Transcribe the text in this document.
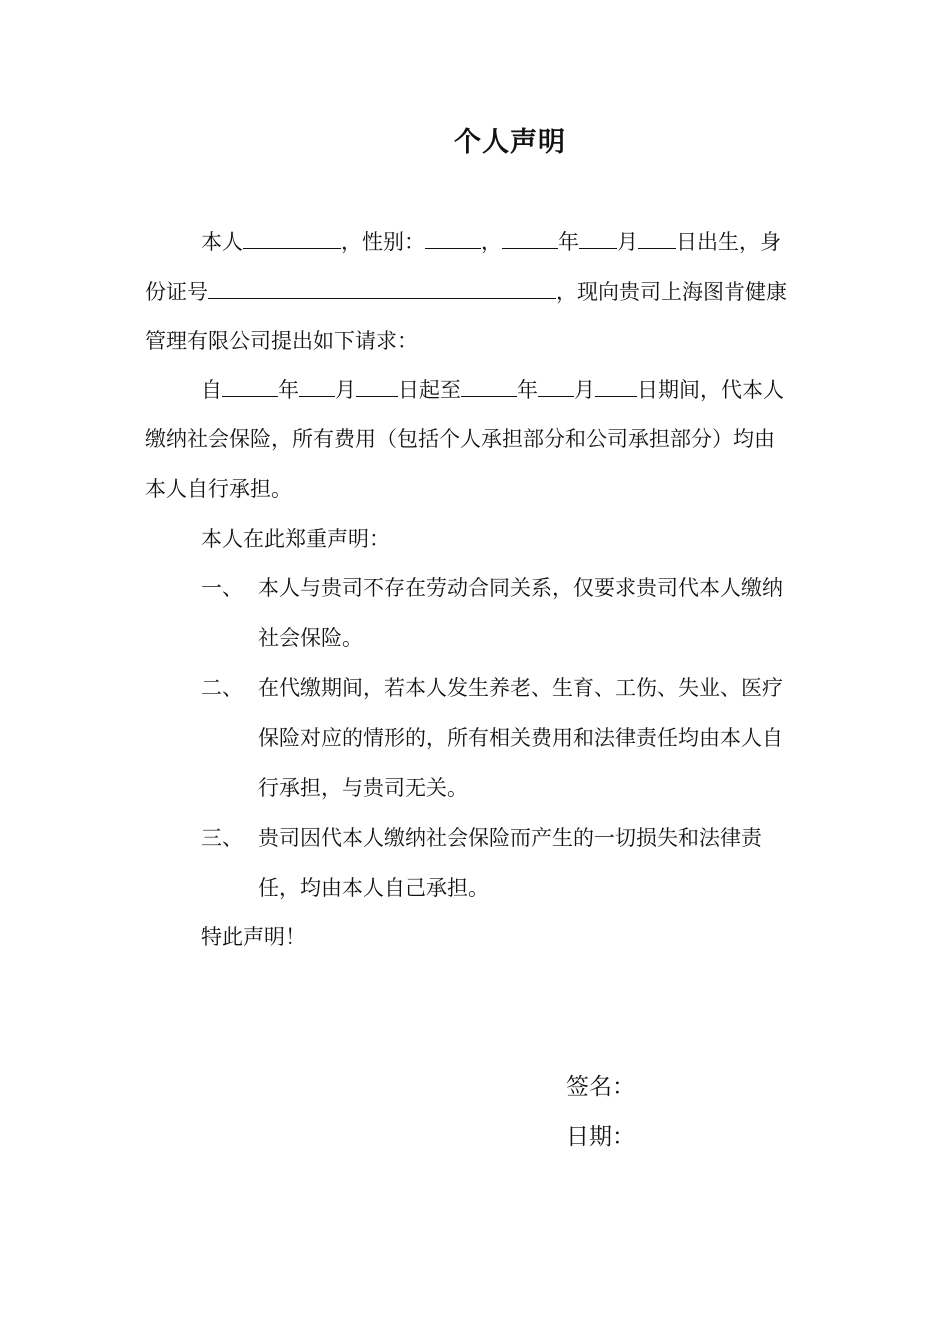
个人声明
本人	，性别：	，	年 月 日出生，身
份证号	，现向贵司上海图肯健康
管理有限公司提出如下请求：
自	年 月 日起至	年 月 日期间，代本人
缴纳社会保险，所有费用（包括个人承担部分和公司承担部分）均由
本人自行承担。
本人在此郑重声明：
一、 本人与贵司不存在劳动合同关系，仅要求贵司代本人缴纳
社会保险。
二、 在代缴期间，若本人发生养老、生育、工伤、失业、医疗
保险对应的情形的，所有相关费用和法律责任均由本人自
行承担，与贵司无关。
三、 贵司因代本人缴纳社会保险而产生的一切损失和法律责
任，均由本人自己承担。
特此声明！
签名：
日期：
